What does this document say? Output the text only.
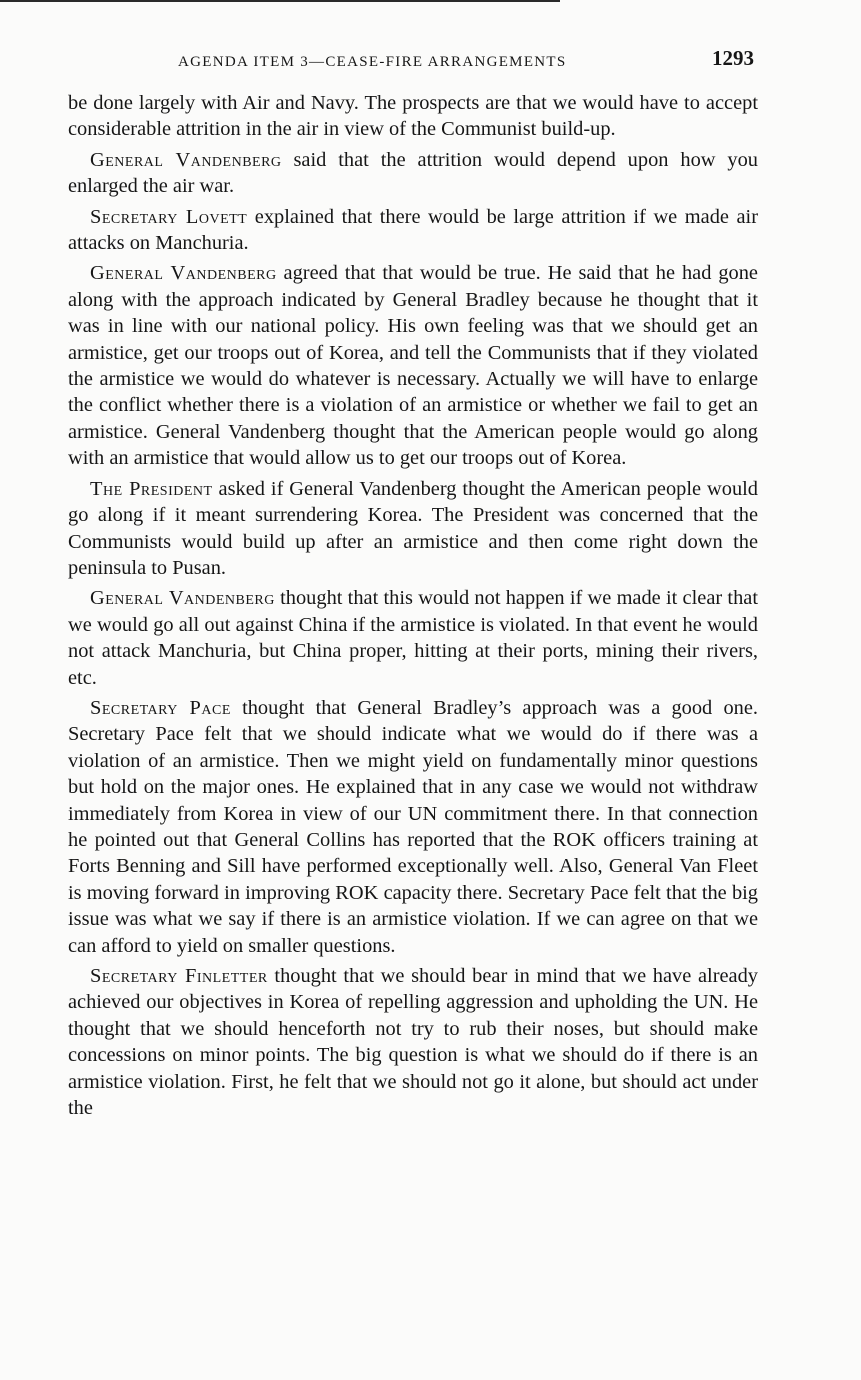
AGENDA ITEM 3—CEASE-FIRE ARRANGEMENTS	1293

be done largely with Air and Navy. The prospects are that we would have to accept considerable attrition in the air in view of the Communist build-up.

General Vandenberg said that the attrition would depend upon how you enlarged the air war.

Secretary Lovett explained that there would be large attrition if we made air attacks on Manchuria.

General Vandenberg agreed that that would be true. He said that he had gone along with the approach indicated by General Bradley because he thought that it was in line with our national policy. His own feeling was that we should get an armistice, get our troops out of Korea, and tell the Communists that if they violated the armistice we would do whatever is necessary. Actually we will have to enlarge the conflict whether there is a violation of an armistice or whether we fail to get an armistice. General Vandenberg thought that the American people would go along with an armistice that would allow us to get our troops out of Korea.

The President asked if General Vandenberg thought the American people would go along if it meant surrendering Korea. The President was concerned that the Communists would build up after an armistice and then come right down the peninsula to Pusan.

General Vandenberg thought that this would not happen if we made it clear that we would go all out against China if the armistice is violated. In that event he would not attack Manchuria, but China proper, hitting at their ports, mining their rivers, etc.

Secretary Pace thought that General Bradley’s approach was a good one. Secretary Pace felt that we should indicate what we would do if there was a violation of an armistice. Then we might yield on fundamentally minor questions but hold on the major ones. He explained that in any case we would not withdraw immediately from Korea in view of our UN commitment there. In that connection he pointed out that General Collins has reported that the ROK officers training at Forts Benning and Sill have performed exceptionally well. Also, General Van Fleet is moving forward in improving ROK capacity there. Secretary Pace felt that the big issue was what we say if there is an armistice violation. If we can agree on that we can afford to yield on smaller questions.

Secretary Finletter thought that we should bear in mind that we have already achieved our objectives in Korea of repelling aggression and upholding the UN. He thought that we should henceforth not try to rub their noses, but should make concessions on minor points. The big question is what we should do if there is an armistice violation. First, he felt that we should not go it alone, but should act under the
